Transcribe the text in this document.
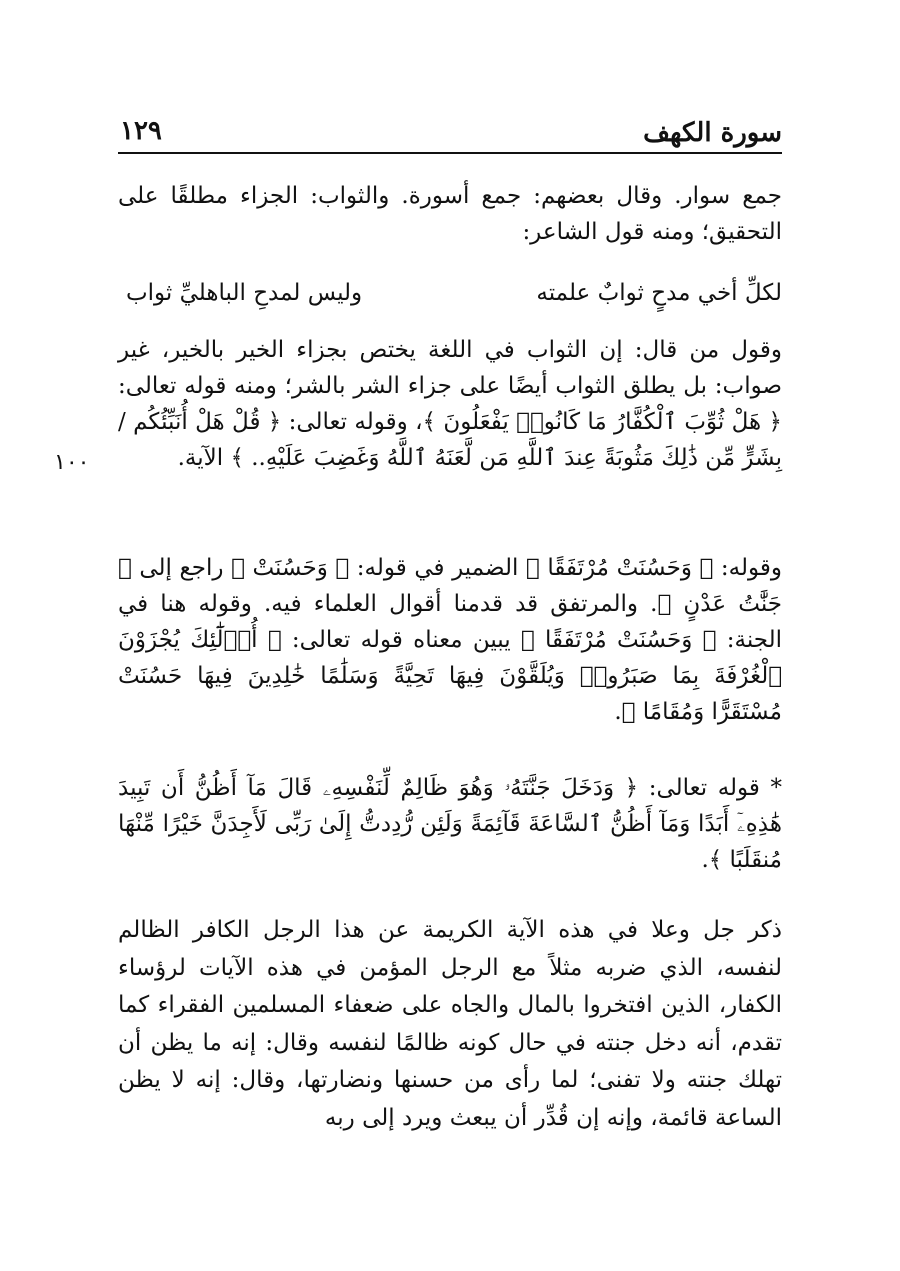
سورة الكهف
١٢٩
١٠٠

جمع سوار. وقال بعضهم: جمع أسورة. والثواب: الجزاء مطلقًا على التحقيق؛ ومنه قول الشاعر:

لكلِّ أخي مدحٍ ثوابٌ علمته
وليس لمدحِ الباهليِّ ثواب

وقول من قال: إن الثواب في اللغة يختص بجزاء الخير بالخير، غير صواب: بل يطلق الثواب أيضًا على جزاء الشر بالشر؛ ومنه قوله تعالى: ﴿ هَلْ ثُوِّبَ ٱلْكُفَّارُ مَا كَانُوا۟ يَفْعَلُونَ ﴾، وقوله تعالى: ﴿ قُلْ هَلْ أُنَبِّئُكُم / بِشَرٍّ مِّن ذَٰلِكَ مَثُوبَةً عِندَ ٱللَّهِ مَن لَّعَنَهُ ٱللَّهُ وَغَضِبَ عَلَيْهِ.. ﴾ الآية.

وقوله: ﴿ وَحَسُنَتْ مُرْتَفَقًا ﴾ الضمير في قوله: ﴿ وَحَسُنَتْ ﴾ راجع إلى ﴿ جَنَّٰتُ عَدْنٍ ﴾. والمرتفق قد قدمنا أقوال العلماء فيه. وقوله هنا في الجنة: ﴿ وَحَسُنَتْ مُرْتَفَقًا ﴾ يبين معناه قوله تعالى: ﴿ أُو۟لَٰٓئِكَ يُجْزَوْنَ ٱلْغُرْفَةَ بِمَا صَبَرُوا۟ وَيُلَقَّوْنَ فِيهَا تَحِيَّةً وَسَلَٰمًا خَٰلِدِينَ فِيهَا حَسُنَتْ مُسْتَقَرًّا وَمُقَامًا ﴾.

* قوله تعالى: ﴿ وَدَخَلَ جَنَّتَهُۥ وَهُوَ ظَالِمٌ لِّنَفْسِهِۦ قَالَ مَآ أَظُنُّ أَن تَبِيدَ هَٰذِهِۦٓ أَبَدًا وَمَآ أَظُنُّ ٱلسَّاعَةَ قَآئِمَةً وَلَئِن رُّدِدتُّ إِلَىٰ رَبِّى لَأَجِدَنَّ خَيْرًا مِّنْهَا مُنقَلَبًا ﴾.

ذكر جل وعلا في هذه الآية الكريمة عن هذا الرجل الكافر الظالم لنفسه، الذي ضربه مثلاً مع الرجل المؤمن في هذه الآيات لرؤساء الكفار، الذين افتخروا بالمال والجاه على ضعفاء المسلمين الفقراء كما تقدم، أنه دخل جنته في حال كونه ظالمًا لنفسه وقال: إنه ما يظن أن تهلك جنته ولا تفنى؛ لما رأى من حسنها ونضارتها، وقال: إنه لا يظن الساعة قائمة، وإنه إن قُدِّر أن يبعث ويرد إلى ربه
